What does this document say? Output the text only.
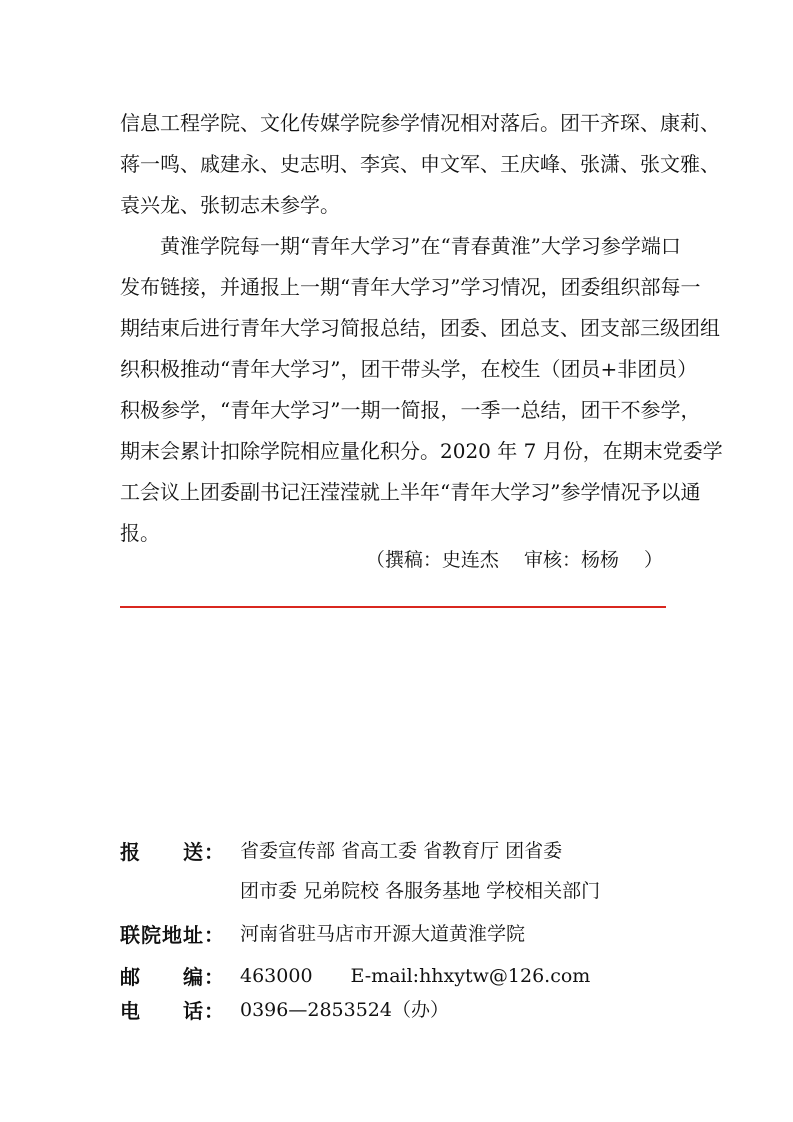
信息工程学院、文化传媒学院参学情况相对落后。团干齐琛、康莉、
蒋一鸣、戚建永、史志明、李宾、申文军、王庆峰、张潇、张文雅、
袁兴龙、张韧志未参学。
　　黄淮学院每一期“青年大学习”在“青春黄淮”大学习参学端口
发布链接，并通报上一期“青年大学习”学习情况，团委组织部每一
期结束后进行青年大学习简报总结，团委、团总支、团支部三级团组
织积极推动“青年大学习”，团干带头学，在校生（团员+非团员）
积极参学，“青年大学习”一期一简报，一季一总结，团干不参学，
期末会累计扣除学院相应量化积分。2020 年 7 月份，在期末党委学
工会议上团委副书记汪滢滢就上半年“青年大学习”参学情况予以通
报。
（撰稿：史连杰　 审核：杨杨　 ）
报　　送： 省委宣传部 省高工委 省教育厅 团省委
团市委 兄弟院校 各服务基地 学校相关部门
联院地址： 河南省驻马店市开源大道黄淮学院
邮　　编： 463000　　E-mail:hhxytw@126.com
电　　话： 0396—2853524（办）
